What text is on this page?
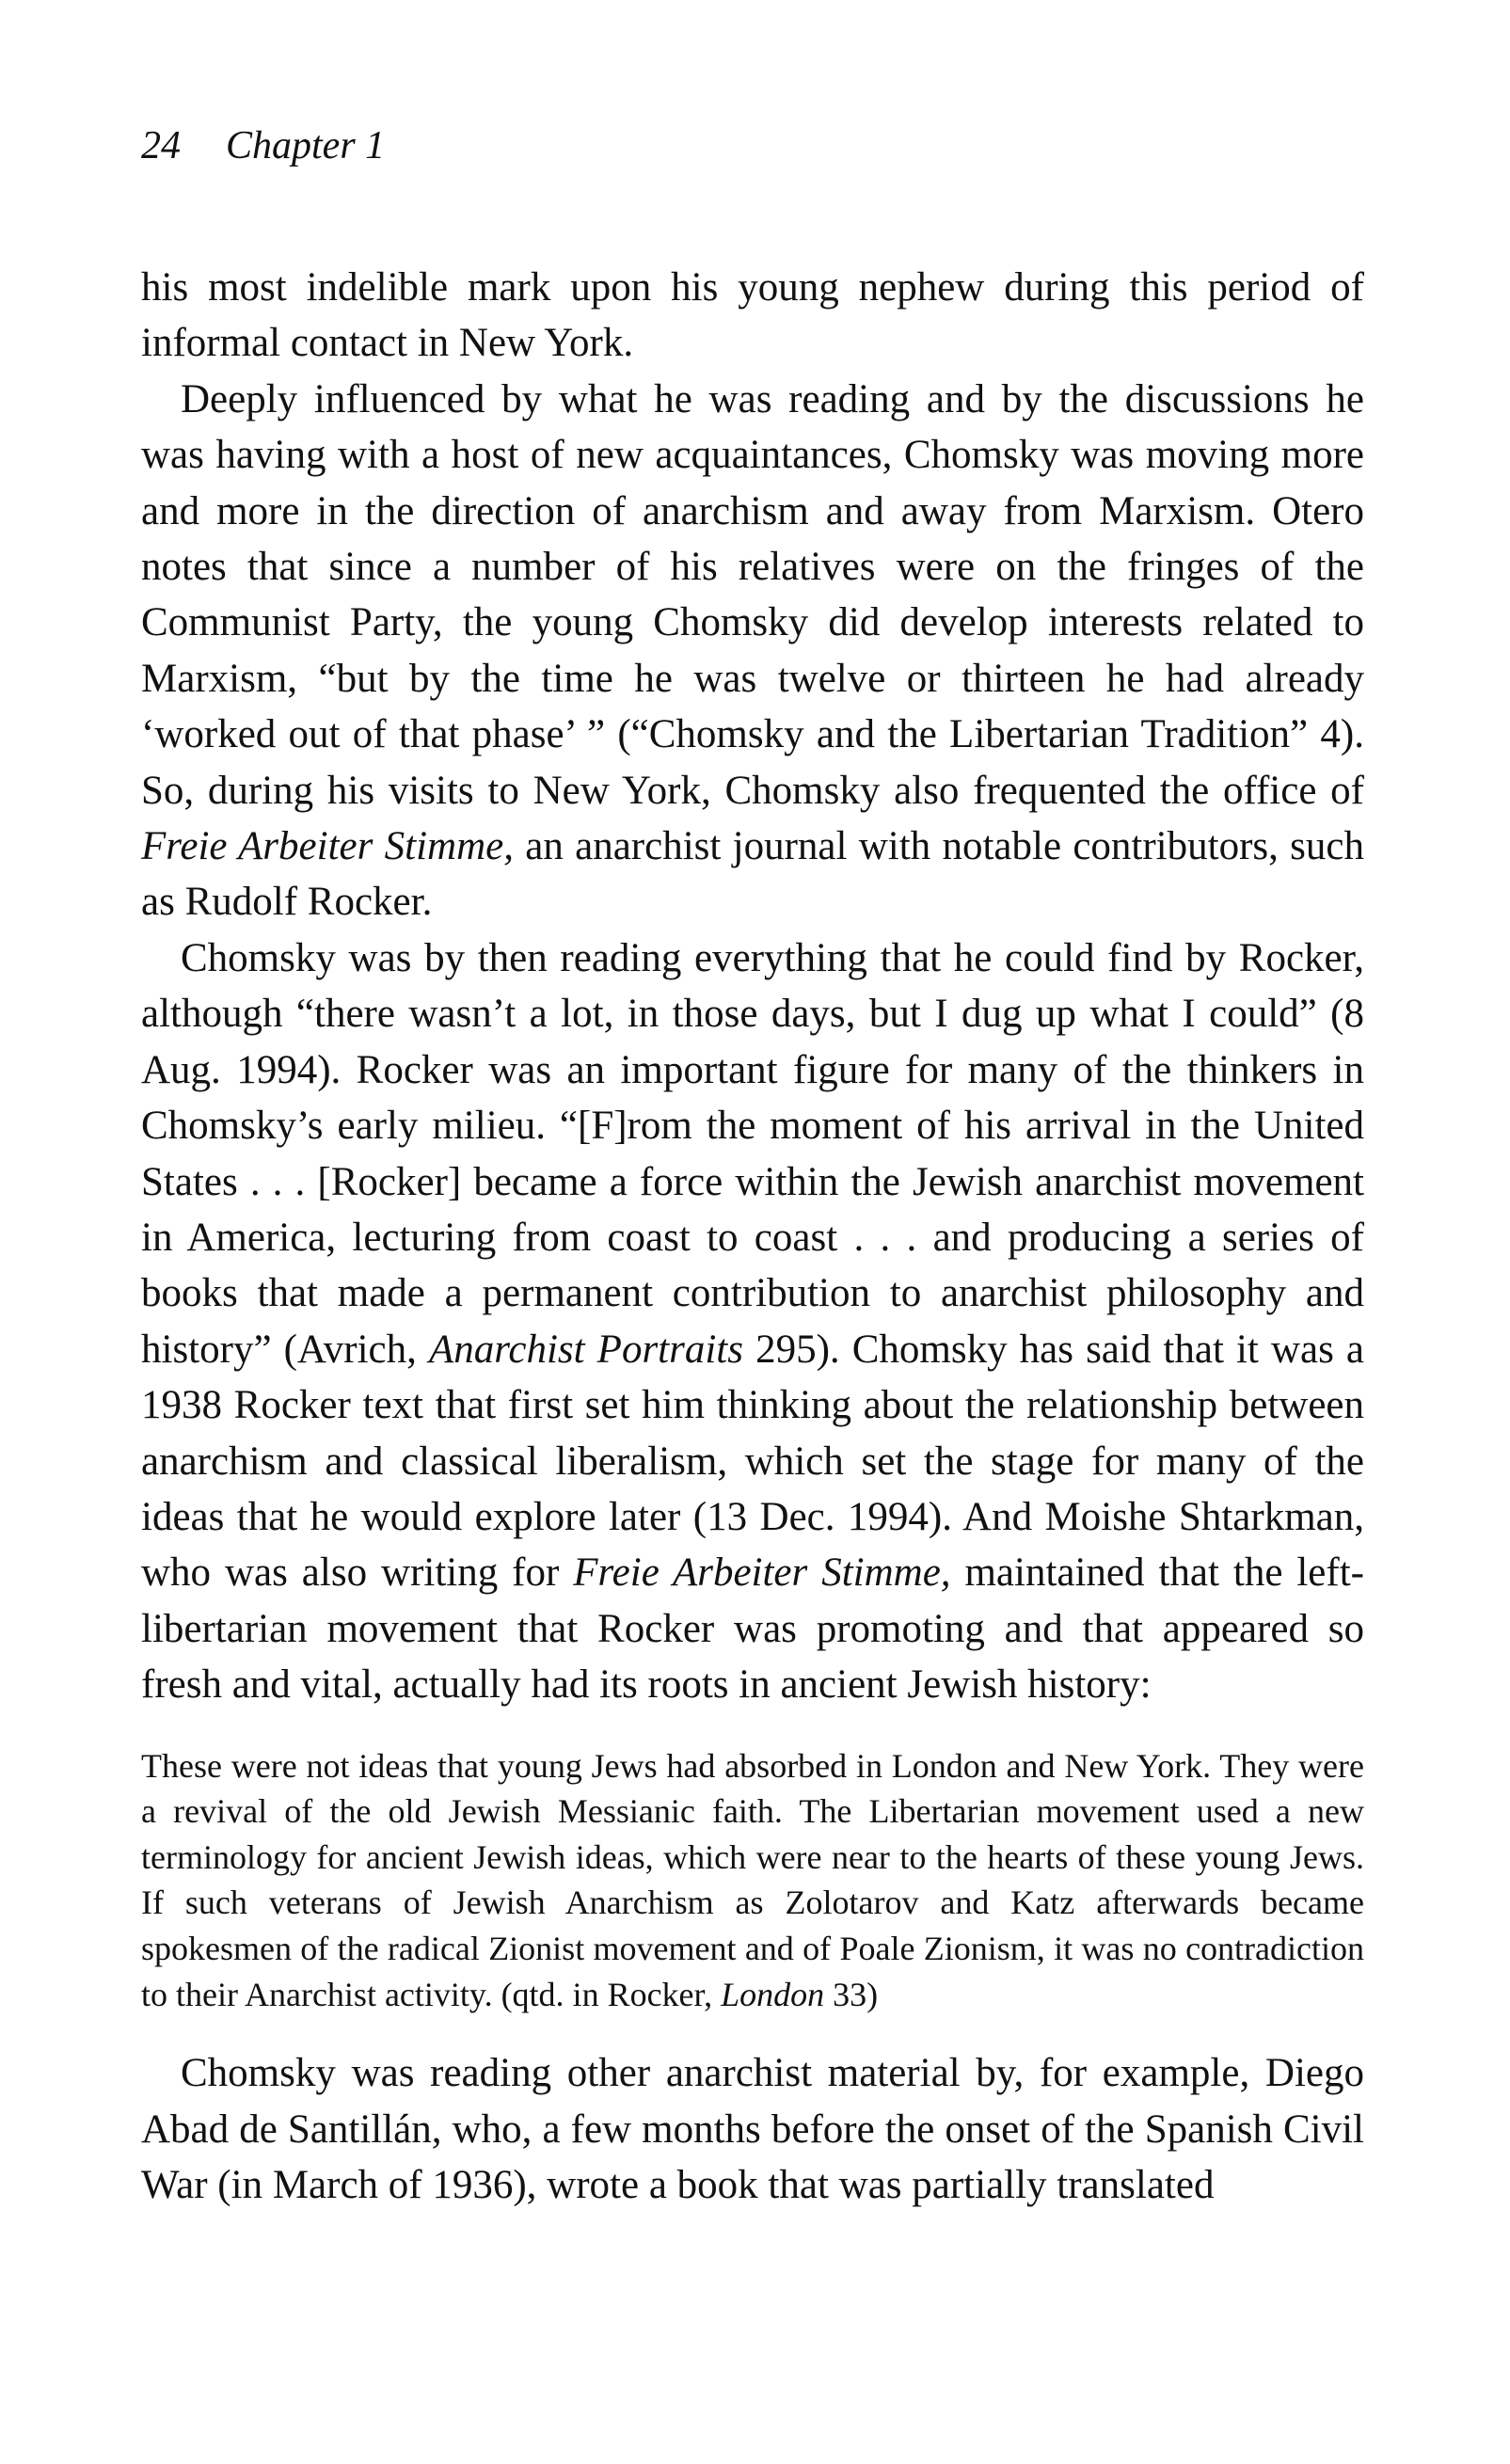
24 Chapter 1

his most indelible mark upon his young nephew during this period of informal contact in New York.

Deeply influenced by what he was reading and by the discussions he was having with a host of new acquaintances, Chomsky was moving more and more in the direction of anarchism and away from Marxism. Otero notes that since a number of his relatives were on the fringes of the Communist Party, the young Chomsky did develop interests related to Marxism, “but by the time he was twelve or thirteen he had already ‘worked out of that phase’ ” (“Chomsky and the Libertarian Tradition” 4). So, during his visits to New York, Chomsky also frequented the office of Freie Arbeiter Stimme, an anarchist journal with notable contributors, such as Rudolf Rocker.

Chomsky was by then reading everything that he could find by Rocker, although “there wasn’t a lot, in those days, but I dug up what I could” (8 Aug. 1994). Rocker was an important figure for many of the thinkers in Chomsky’s early milieu. “[F]rom the moment of his arrival in the United States . . . [Rocker] became a force within the Jewish anarchist movement in America, lecturing from coast to coast . . . and producing a series of books that made a permanent contribution to anarchist philosophy and history” (Avrich, Anarchist Portraits 295). Chomsky has said that it was a 1938 Rocker text that first set him thinking about the relationship between anarchism and classical liberalism, which set the stage for many of the ideas that he would explore later (13 Dec. 1994). And Moishe Shtarkman, who was also writing for Freie Arbeiter Stimme, maintained that the left-libertarian movement that Rocker was promoting and that appeared so fresh and vital, actually had its roots in ancient Jewish history:

These were not ideas that young Jews had absorbed in London and New York. They were a revival of the old Jewish Messianic faith. The Libertarian movement used a new terminology for ancient Jewish ideas, which were near to the hearts of these young Jews. If such veterans of Jewish Anarchism as Zolotarov and Katz afterwards became spokesmen of the radical Zionist movement and of Poale Zionism, it was no contradiction to their Anarchist activity. (qtd. in Rocker, London 33)

Chomsky was reading other anarchist material by, for example, Diego Abad de Santillán, who, a few months before the onset of the Spanish Civil War (in March of 1936), wrote a book that was partially translated
